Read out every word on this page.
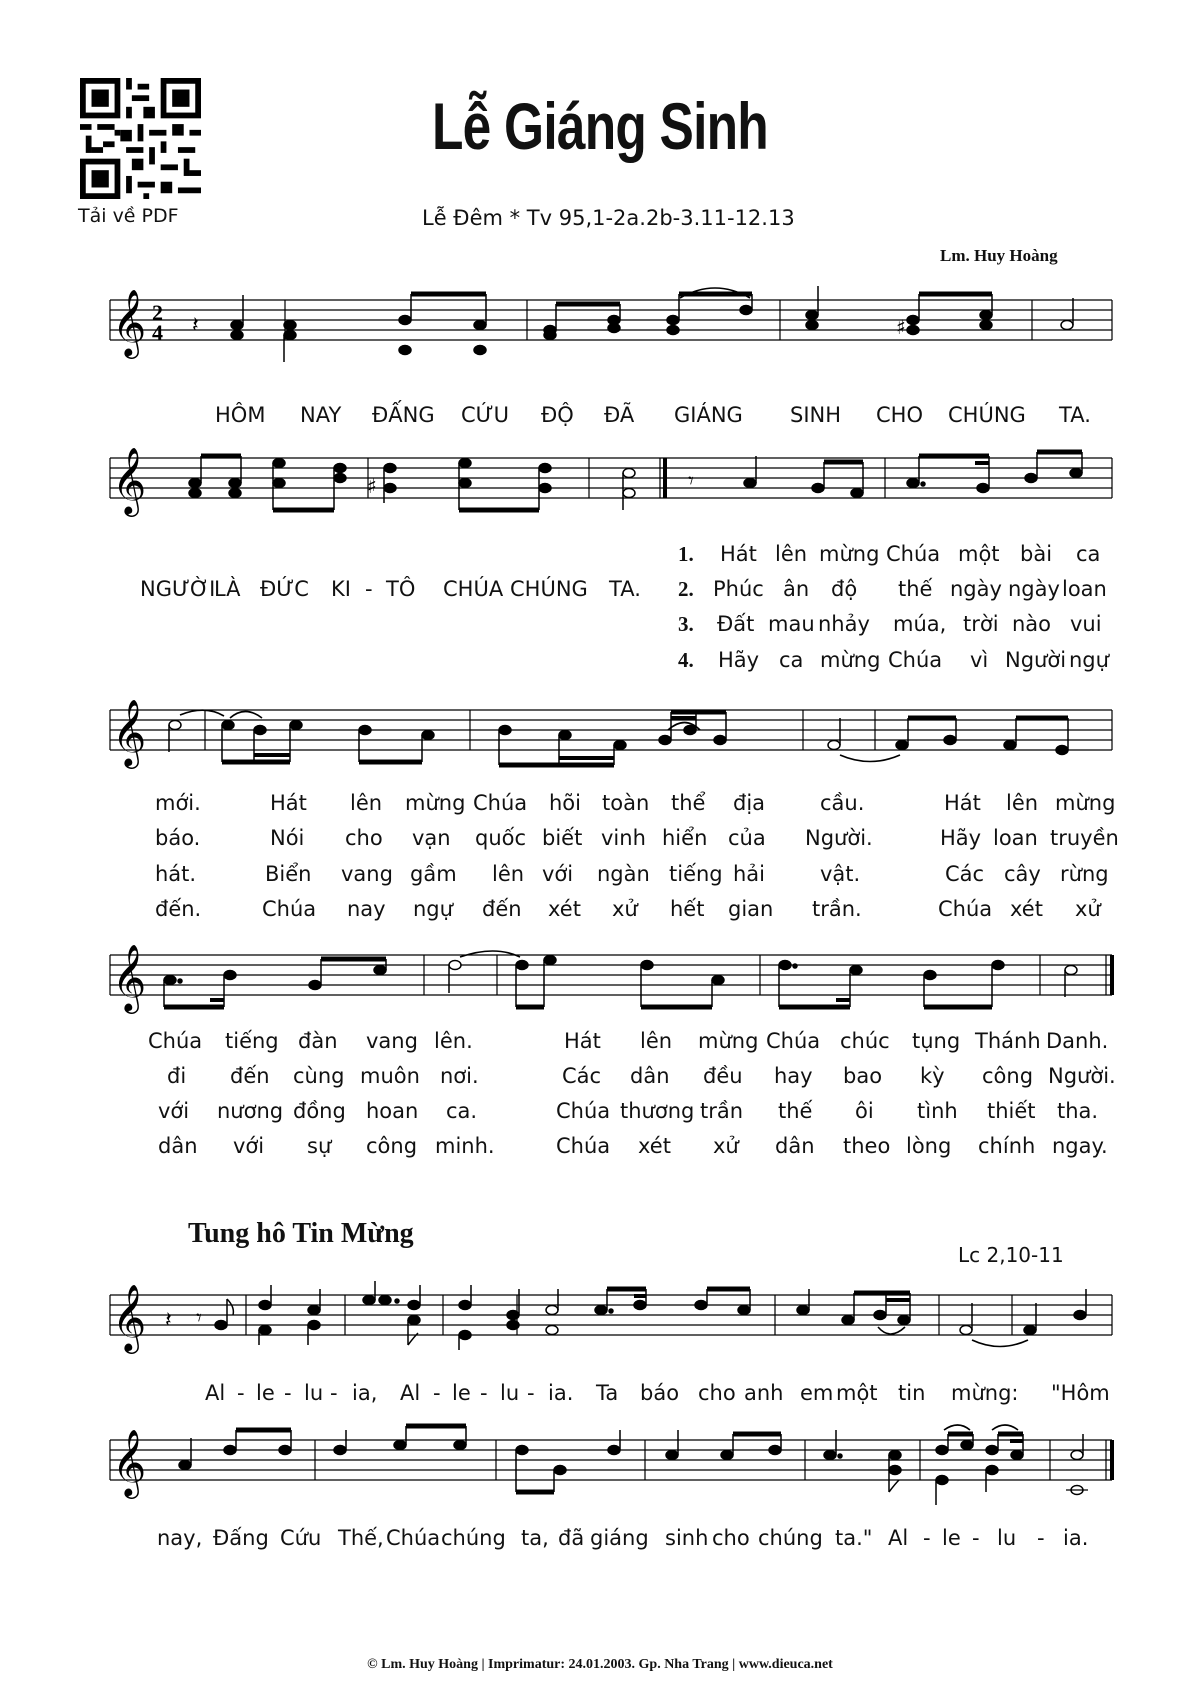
Tải về PDF
Lễ Giáng Sinh
Lễ Đêm * Tv 95,1-2a.2b-3.11-12.13
Lm. Huy Hoàng
𝄞 2
4 𝄽	♯
HÔM NAY ĐẤNG CỨU ĐỘ ĐÃ GIÁNG SINH CHO CHÚNG TA.
𝄞	♯	𝄾
NGƯỜI
LÀ ĐỨC KI - TÔ CHÚA CHÚNG TA.
1. Hát lên mừng Chúa một bài ca
2. Phúc ân độ thế ngày ngày loan
3. Đất mau nhảy múa, trời nào vui
4. Hãy ca mừng Chúa vì Người ngự
𝄞
mới.	Hát lên mừng Chúa hõi toàn thể địa	cầu.	Hát lên mừng
báo.	Nói cho vạn quốc biết vinh hiển của Người.	Hãy loan truyền
hát.	Biển vang gầm lên với ngàn tiếng hải	vật.	Các cây rừng
đến.	Chúa nay ngự đến xét xử hết gian trần.	Chúa xét xử
𝄞
Chúa tiếng đàn vang lên.	Hát lên mừng Chúa chúc tụng Thánh Danh.
đi đến cùng muôn nơi.	Các dân đều hay bao kỳ công Người.
với nương đồng hoan ca.	Chúa thương trần thế ôi tình thiết tha.
dân với sự công minh.	Chúa xét xử dân theo lòng chính ngay.
Tung hô Tin Mừng
Lc 2,10-11
𝄞 𝄽 𝄾
Al - le - lu - ia, Al - le - lu - ia. Ta báo cho anh em một tin mừng: "Hôm
𝄞
nay, Đấng Cứu Thế, Chúa chúng ta, đã giáng sinh cho chúng ta." Al - le - lu - ia.
© Lm. Huy Hoàng | Imprimatur: 24.01.2003. Gp. Nha Trang | www.dieuca.net
